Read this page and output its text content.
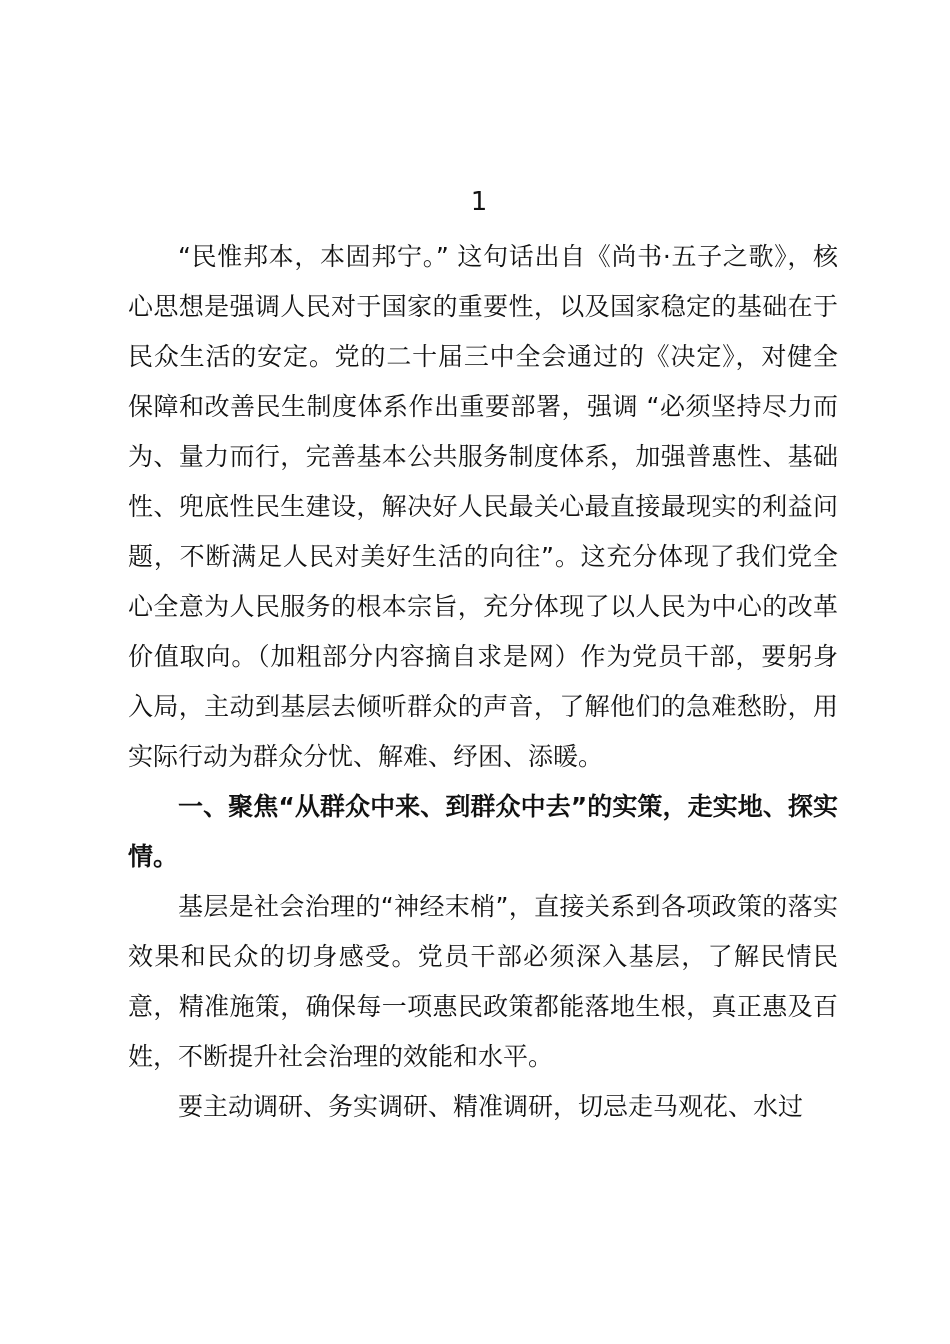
1

“民惟邦本，本固邦宁。” 这句话出自《尚书·五子之歌》，核心思想是强调人民对于国家的重要性，以及国家稳定的基础在于民众生活的安定。党的二十届三中全会通过的《决定》，对健全保障和改善民生制度体系作出重要部署，强调 “必须坚持尽力而为、量力而行，完善基本公共服务制度体系，加强普惠性、基础性、兜底性民生建设，解决好人民最关心最直接最现实的利益问题，不断满足人民对美好生活的向往”。这充分体现了我们党全心全意为人民服务的根本宗旨，充分体现了以人民为中心的改革价值取向。（加粗部分内容摘自求是网）作为党员干部，要躬身入局，主动到基层去倾听群众的声音，了解他们的急难愁盼，用实际行动为群众分忧、解难、纾困、添暖。

一、聚焦“从群众中来、到群众中去”的实策，走实地、探实情。

基层是社会治理的“神经末梢”，直接关系到各项政策的落实效果和民众的切身感受。党员干部必须深入基层，了解民情民意，精准施策，确保每一项惠民政策都能落地生根，真正惠及百姓，不断提升社会治理的效能和水平。

要主动调研、务实调研、精准调研，切忌走马观花、水过
